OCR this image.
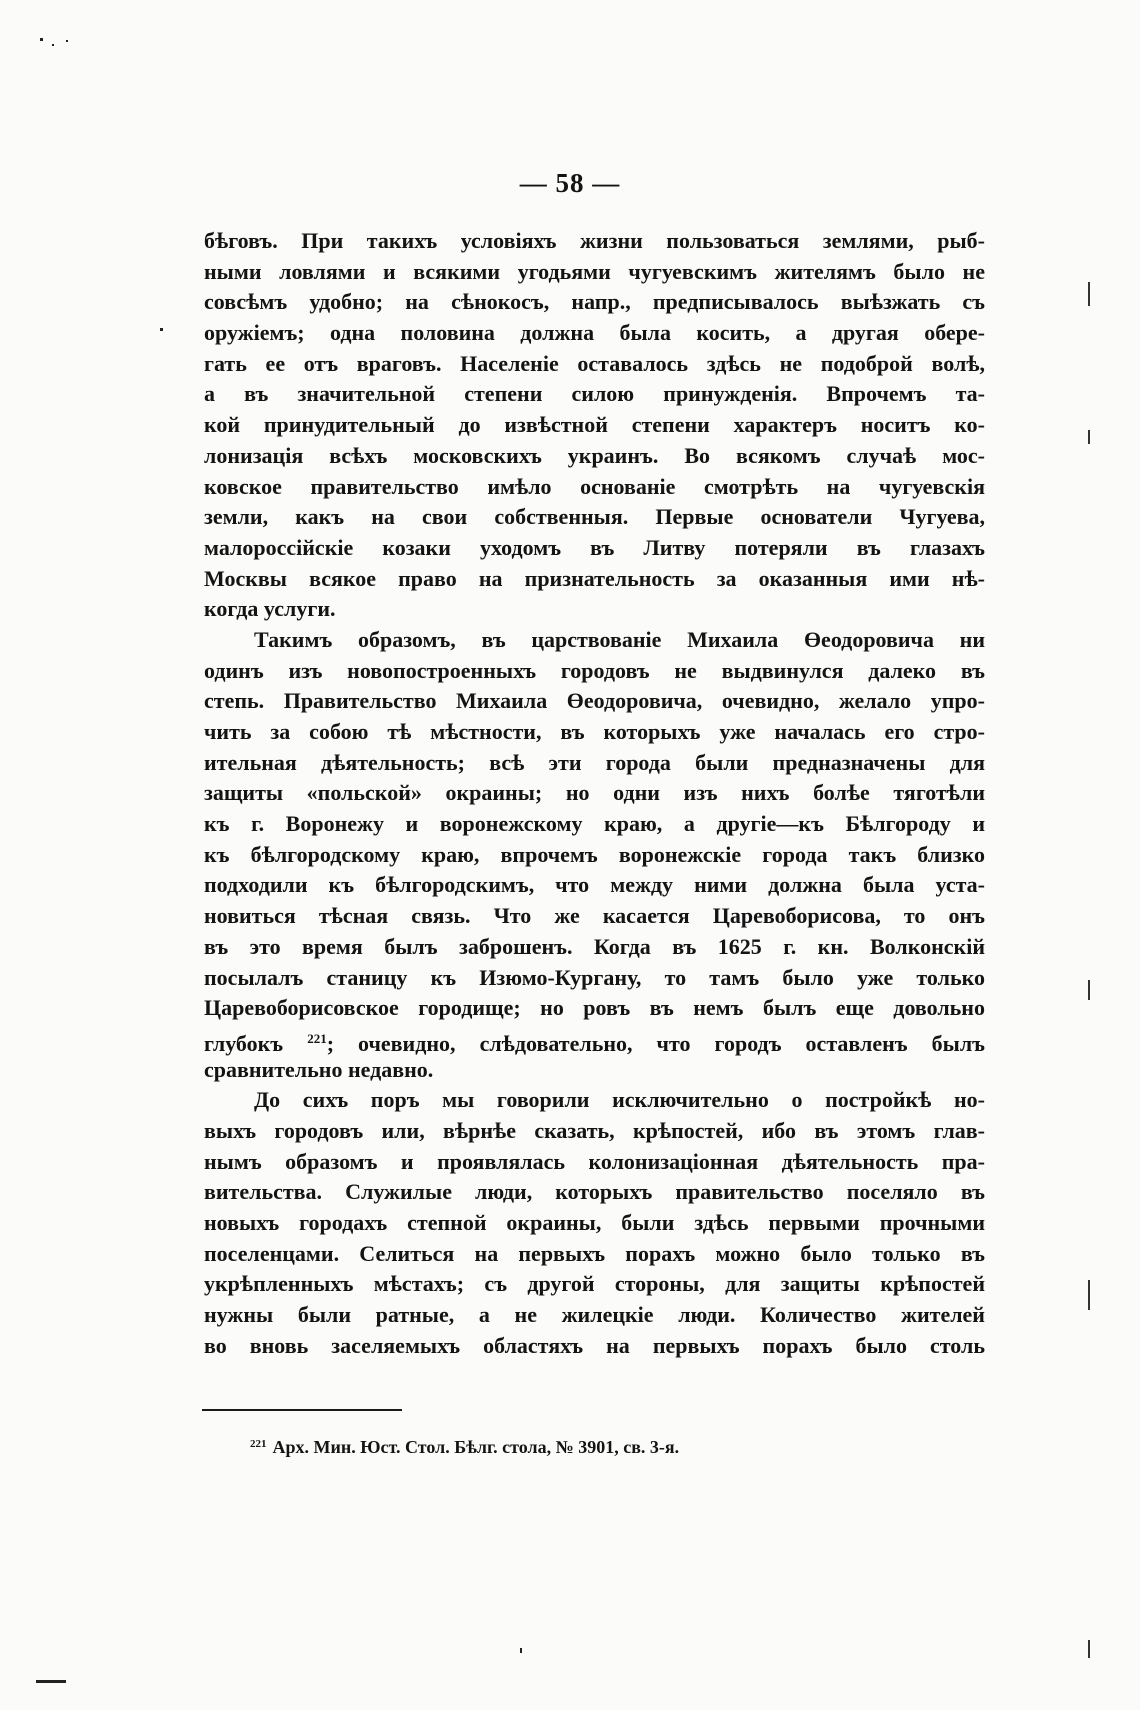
— 58 —
бѣговъ. При такихъ условіяхъ жизни пользоваться землями, рыб-
ными ловлями и всякими угодьями чугуевскимъ жителямъ было не
совсѣмъ удобно; на сѣнокосъ, напр., предписывалось выѣзжать съ
оружіемъ; одна половина должна была косить, а другая обере-
гать ее отъ враговъ. Населеніе оставалось здѣсь не подоброй волѣ,
а въ значительной степени силою принужденія. Впрочемъ та-
кой принудительный до извѣстной степени характеръ носитъ ко-
лонизація всѣхъ московскихъ украинъ. Во всякомъ случаѣ мос-
ковское правительство имѣло основаніе смотрѣть на чугуевскія
земли, какъ на свои собственныя. Первые основатели Чугуева,
малороссійскіе козаки уходомъ въ Литву потеряли въ глазахъ
Москвы всякое право на признательность за оказанныя ими нѣ-
когда услуги.
Такимъ образомъ, въ царствованіе Михаила Өеодоровича ни
одинъ изъ новопостроенныхъ городовъ не выдвинулся далеко въ
степь. Правительство Михаила Өеодоровича, очевидно, желало упро-
чить за собою тѣ мѣстности, въ которыхъ уже началась его стро-
ительная дѣятельность; всѣ эти города были предназначены для
защиты «польской» окраины; но одни изъ нихъ болѣе тяготѣли
къ г. Воронежу и воронежскому краю, а другіе—къ Бѣлгороду и
къ бѣлгородскому краю, впрочемъ воронежскіе города такъ близко
подходили къ бѣлгородскимъ, что между ними должна была уста-
новиться тѣсная связь. Что же касается Царевоборисова, то онъ
въ это время былъ заброшенъ. Когда въ 1625 г. кн. Волконскій
посылалъ станицу къ Изюмо-Кургану, то тамъ было уже только
Царевоборисовское городище; но ровъ въ немъ былъ еще довольно
глубокъ $^{221}$; очевидно, слѣдовательно, что городъ оставленъ былъ
сравнительно недавно.
До сихъ поръ мы говорили исключительно о постройкѣ но-
выхъ городовъ или, вѣрнѣе сказать, крѣпостей, ибо въ этомъ глав-
нымъ образомъ и проявлялась колонизаціонная дѣятельность пра-
вительства. Служилые люди, которыхъ правительство поселяло въ
новыхъ городахъ степной окраины, были здѣсь первыми прочными
поселенцами. Селиться на первыхъ порахъ можно было только въ
укрѣпленныхъ мѣстахъ; съ другой стороны, для защиты крѣпостей
нужны были ратные, а не жилецкіе люди. Количество жителей
во вновь заселяемыхъ областяхъ на первыхъ порахъ было столь
$^{221}$ Арх. Мин. Юст. Стол. Бѣлг. стола, № 3901, св. 3-я.
